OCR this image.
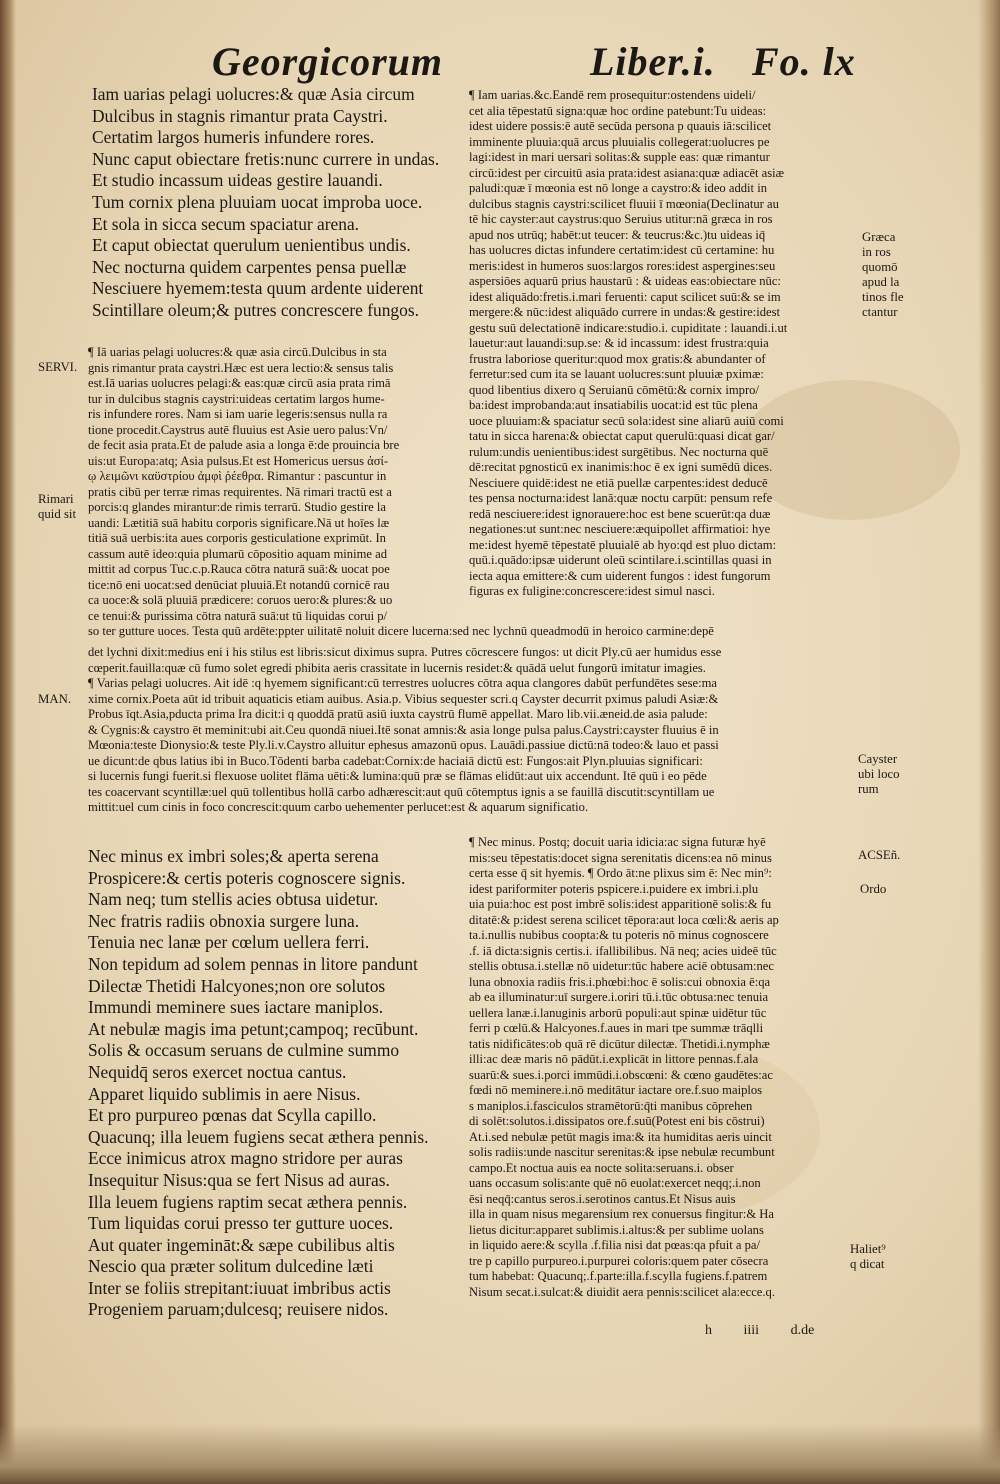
Georgicorum	Liber.i. Fo. lx
Iam uarias pelagi uolucres:& quæ Asia circum
Dulcibus in stagnis rimantur prata Caystri.
Certatim largos humeris infundere rores.
Nunc caput obiectare fretis:nunc currere in undas.
Et studio incassum uideas gestire lauandi.
Tum cornix plena pluuiam uocat improba uoce.
Et sola in sicca secum spaciatur arena.
Et caput obiectat querulum uenientibus undis.
Nec nocturna quidem carpentes pensa puellæ
Nesciuere hyemem:testa quum ardente uiderent
Scintillare oleum;& putres concrescere fungos.
¶ Iam uarias.&c.Eandē rem prosequitur:ostendens uideli/
cet alia tēpestatū signa:quæ hoc ordine patebunt:Tu uideas:
idest uidere possis:ē autē secūda persona p quauis iā:scilicet
imminente pluuia:quā arcus pluuialis collegerat:uolucres pe
lagi:idest in mari uersari solitas:& supple eas: quæ rimantur
circū:idest per circuitū asia prata:idest asiana:quæ adiacēt asiæ
paludi:quæ ī mœonia est nō longe a caystro:& ideo addit in
dulcibus stagnis caystri:scilicet fluuii ī mœonia(Declinatur au
tē hic cayster:aut caystrus:quo Seruius utitur:nā græca in ros
apud nos utrūq; habēt:ut teucer: & teucrus:&c.)tu uideas iq̄
has uolucres dictas infundere certatim:idest cū certamine: hu
meris:idest in humeros suos:largos rores:idest aspergines:seu
aspersiōes aquarū prius haustarū : & uideas eas:obiectare nūc:
idest aliquādo:fretis.i.mari feruenti: caput scilicet suū:& se im
mergere:& nūc:idest aliquādo currere in undas:& gestire:idest
gestu suū delectationē indicare:studio.i. cupiditate : lauandi.i.ut
lauetur:aut lauandi:sup.se: & id incassum: idest frustra:quia
frustra laboriose queritur:quod mox gratis:& abundanter of
ferretur:sed cum ita se lauant uolucres:sunt pluuiæ pximæ:
quod libentius dixero q Seruianū cōmētū:& cornix impro/
ba:idest improbanda:aut insatiabilis uocat:id est tūc plena
uoce pluuiam:& spaciatur secū sola:idest sine aliarū auiū comi
tatu in sicca harena:& obiectat caput querulū:quasi dicat gar/
rulum:undis uenientibus:idest surgētibus. Nec nocturna quē
dē:recitat pgnosticū ex inanimis:hoc ē ex igni sumēdū dices.
Nesciuere quidē:idest ne etiā puellæ carpentes:idest deducē
tes pensa nocturna:idest lanā:quæ noctu carpūt: pensum refe
redā nesciuere:idest ignorauere:hoc est bene scuerūt:qa duæ
negationes:ut sunt:nec nesciuere:æquipollet affirmatioi: hye
me:idest hyemē tēpestatē pluuialē ab hyo:qd est pluo dictam:
quū.i.quādo:ipsæ uiderunt oleū scintilare.i.scintillas quasi in
iecta aqua emittere:& cum uiderent fungos : idest fungorum
figuras ex fuligine:concrescere:idest simul nasci.
¶ Iā uarias pelagi uolucres:& quæ asia circū.Dulcibus in sta
gnis rimantur prata caystri.Hæc est uera lectio:& sensus talis
est.Iā uarias uolucres pelagi:& eas:quæ circū asia prata rimā
tur in dulcibus stagnis caystri:uideas certatim largos hume-
ris infundere rores. Nam si iam uarie legeris:sensus nulla ra
tione procedit.Caystrus autē fluuius est Asie uero palus:Vn/
de fecit asia prata.Et de palude asia a longa ē:de prouincia bre
uis:ut Europa:atq; Asia pulsus.Et est Homericus uersus ἀσί-
ῳ λειμῶνι καϋστρίου ἀμφὶ ῥέεθρα. Rimantur : pascuntur in
pratis cibū per terræ rimas requirentes. Nā rimari tractū est a
porcis:q glandes mirantur:de rimis terrarū. Studio gestire la
uandi: Lætitiā suā habitu corporis significare.Nā ut hoīes læ
titiā suā uerbis:ita aues corporis gesticulatione exprimūt. In
cassum autē ideo:quia plumarū cōpositio aquam minime ad
mittit ad corpus Tuc.c.p.Rauca cōtra naturā suā:& uocat poe
tice:nō eni uocat:sed denūciat pluuiā.Et notandū cornicē rau
ca uoce:& solā pluuiā prædicere: coruos uero:& plures:& uo
ce tenui:& purissima cōtra naturā suā:ut tū liquidas corui p/
so ter gutture uoces. Testa quū ardēte:ppter uilitatē noluit dicere lucerna:sed nec lychnū queadmodū in heroico carmine:depē
det lychni dixit:medius eni i his stilus est libris:sicut diximus supra. Putres cōcrescere fungos: ut dicit Ply.cū aer humidus esse
cœperit.fauilla:quæ cū fumo solet egredi phibita aeris crassitate in lucernis residet:& quādā uelut fungorū imitatur imagies.
¶ Varias pelagi uolucres. Ait idē :q hyemem significant:cū terrestres uolucres cōtra aqua clangores dabūt perfundētes sese:ma
xime cornix.Poeta aūt id tribuit aquaticis etiam auibus. Asia.p. Vibius sequester scri.q Cayster decurrit pximus paludi Asiæ:&
Probus īqt.Asia,pducta prima Ira dicit:i q quoddā pratū asiū iuxta caystrū flumē appellat. Maro lib.vii.æneid.de asia palude:
& Cygnis:& caystro ēt meminit:ubi ait.Ceu quondā niuei.Itē sonat amnis:& asia longe pulsa palus.Caystri:cayster fluuius ē in
Mœonia:teste Dionysio:& teste Ply.li.v.Caystro alluitur ephesus amazonū opus. Lauādi.passiue dictū:nā todeo:& lauo et passi
ue dicunt:de qbus latius ibi in Buco.Tōdenti barba cadebat:Cornix:de haciaiā dictū est: Fungos:ait Plyn.pluuias significari:
si lucernis fungi fuerit.si flexuose uolitet flāma uēti:& lumina:quū præ se flāmas elidūt:aut uix accendunt. Itē quū i eo pēde
tes coacervant scyntillæ:uel quū tollentibus hollā carbo adhærescit:aut quū cōtemptus ignis a se fauillā discutit:scyntillam ue
mittit:uel cum cinis in foco concrescit:quum carbo uehementer perlucet:est & aquarum significatio.
¶ Nec minus. Postq; docuit uaria idicia:ac signa futuræ hyē
mis:seu tēpestatis:docet signa serenitatis dicens:ea nō minus
certa esse q̄ sit hyemis. ¶ Ordo āt:ne plixus sim ē: Nec min⁹:
idest pariformiter poteris pspicere.i.puidere ex imbri.i.plu
uia puia:hoc est post imbrē solis:idest apparitionē solis:& fu
ditatē:& p:idest serena scilicet tēpora:aut loca cœli:& aeris ap
ta.i.nullis nubibus coopta:& tu poteris nō minus cognoscere
.f. iā dicta:signis certis.i. ifallibilibus. Nā neq; acies uideē tūc
stellis obtusa.i.stellæ nō uidetur:tūc habere aciē obtusam:nec
luna obnoxia radiis fris.i.phœbi:hoc ē solis:cui obnoxia ē:qa
ab ea illuminatur:uī surgere.i.oriri tū.i.tūc obtusa:nec tenuia
uellera lanæ.i.lanuginis arborū populi:aut spinæ uidētur tūc
ferri p cœlū.& Halcyones.f.aues in mari tpe summæ trāqlli
tatis nidificātes:ob quā rē dicūtur dilectæ. Thetidi.i.nymphæ
illi:ac deæ maris nō pādūt.i.explicāt in littore pennas.f.ala
suarū:& sues.i.porci immūdi.i.obscœni: & cœno gaudētes:ac
fœdi nō meminere.i.nō meditātur iactare ore.f.suo maiplos
s maniplos.i.fasciculos stramētorū:q̄ti manibus cōprehen
di solēt:solutos.i.dissipatos ore.f.suū(Potest eni bis cōstrui)
At.i.sed nebulæ petūt magis ima:& ita humiditas aeris uincit
solis radiis:unde nascitur serenitas:& ipse nebulæ recumbunt
campo.Et noctua auis ea nocte solita:seruans.i. obser
uans occasum solis:ante quē nō euolat:exercet neqq;.i.non
ēsi neqq̄:cantus seros.i.serotinos cantus.Et Nisus auis
illa in quam nisus megarensium rex conuersus fingitur:& Ha
lietus dicitur:apparet sublimis.i.altus:& per sublime uolans
in liquido aere:& scylla .f.filia nisi dat pœas:qa pfuit a pa/
tre p capillo purpureo.i.purpurei coloris:quem pater cōsecra
tum habebat: Quacunq;.f.parte:illa.f.scylla fugiens.f.patrem
Nisum secat.i.sulcat:& diuidit aera pennis:scilicet ala:ecce.q.
Nec minus ex imbri soles;& aperta serena
Prospicere:& certis poteris cognoscere signis.
Nam neq; tum stellis acies obtusa uidetur.
Nec fratris radiis obnoxia surgere luna.
Tenuia nec lanæ per cœlum uellera ferri.
Non tepidum ad solem pennas in litore pandunt
Dilectæ Thetidi Halcyones;non ore solutos
Immundi meminere sues iactare maniplos.
At nebulæ magis ima petunt;campoq; recūbunt.
Solis & occasum seruans de culmine summo
Nequidq̄ seros exercet noctua cantus.
Apparet liquido sublimis in aere Nisus.
Et pro purpureo pœnas dat Scylla capillo.
Quacunq; illa leuem fugiens secat æthera pennis.
Ecce inimicus atrox magno stridore per auras
Insequitur Nisus:qua se fert Nisus ad auras.
Illa leuem fugiens raptim secat æthera pennis.
Tum liquidas corui presso ter gutture uoces.
Aut quater ingemināt:& sæpe cubilibus altis
Nescio qua præter solitum dulcedine læti
Inter se foliis strepitant:iuuat imbribus actis
Progeniem paruam;dulcesq; reuisere nidos.
h iiii d.de
SERVI.
Rimari
quid sit
MAN.
Græca
in ros
quomō
apud la
tinos fle
ctantur
Cayster
ubi loco
rum
ACSEñ.
Ordo
Haliet⁹
q dicat
